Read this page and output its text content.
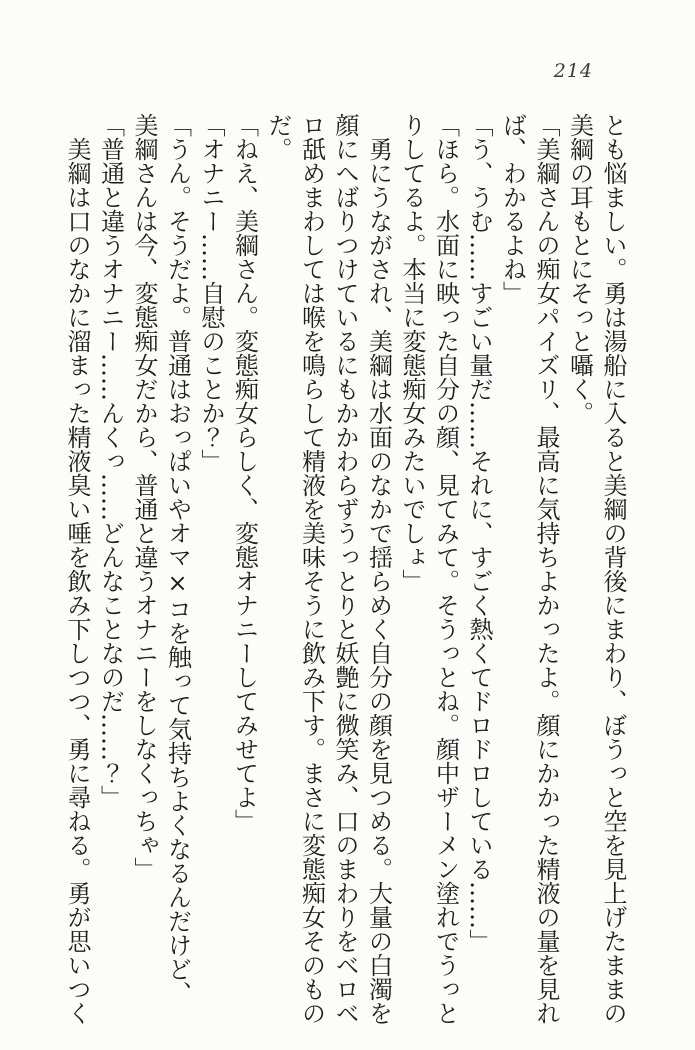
214

とも悩ましい。勇は湯船に入ると美綱の背後にまわり、ぼうっと空を見上げたままの美綱の耳もとにそっと囁く。

「美綱さんの痴女パイズリ、最高に気持ちよかったよ。顔にかかった精液の量を見れば、わかるよね」

「う、うむ……すごい量だ……それに、すごく熱くてドロドロしている……」

「ほら。水面に映った自分の顔、見てみて。そうっとね。顔中ザーメン塗れでうっとりしてるよ。本当に変態痴女みたいでしょ」

　勇にうながされ、美綱は水面のなかで揺らめく自分の顔を見つめる。大量の白濁を顔にへばりつけているにもかかわらずうっとりと妖艶に微笑み、口のまわりをベロベロ舐めまわしては喉を鳴らして精液を美味そうに飲み下す。まさに変態痴女そのものだ。

「ねえ、美綱さん。変態痴女らしく、変態オナニーしてみせてよ」

「オナニー……自慰のことか？」

「うん。そうだよ。普通はおっぱいやオマ×コを触って気持ちよくなるんだけど、美綱さんは今、変態痴女だから、普通と違うオナニーをしなくっちゃ」

「普通と違うオナニー……んくっ……どんなことなのだ……？」

　美綱は口のなかに溜まった精液臭い唾を飲み下しつつ、勇に尋ねる。勇が思いつく
